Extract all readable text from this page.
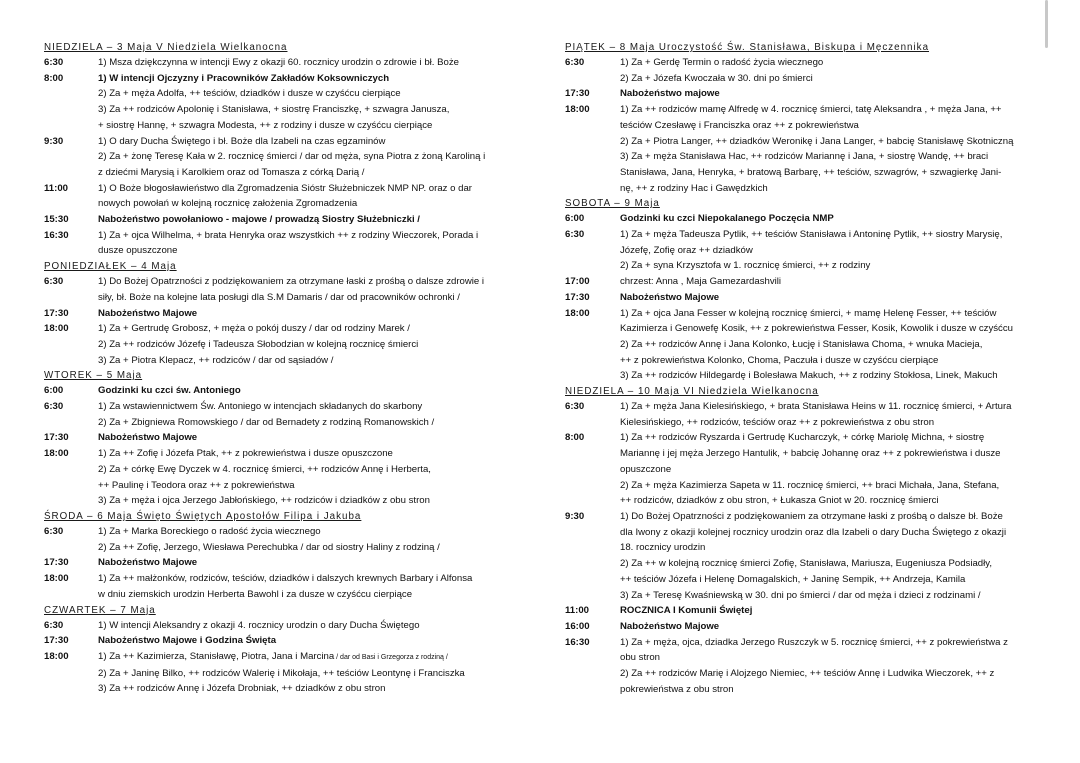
NIEDZIELA – 3 Maja V Niedziela Wielkanocna
6:30	1) Msza dziękczynna w intencji Ewy z okazji 60. rocznicy urodzin o zdrowie i bł. Boże
8:00	1) W intencji Ojczyzny i Pracowników Zakładów Koksowniczych
2) Za + męża Adolfa, ++ teściów, dziadków i dusze w czyśćcu cierpiące
3) Za ++ rodziców Apolonię i Stanisława, + siostrę Franciszkę, + szwagra Janusza,
+ siostrę Hannę, + szwagra Modesta, ++ z rodziny i dusze w czyśćcu cierpiące
9:30	1) O dary Ducha Świętego i bł. Boże dla Izabeli na czas egzaminów
2) Za + żonę Teresę Kała w 2. rocznicę śmierci / dar od męża, syna Piotra z żoną Karoliną i
z dziećmi Marysią i Karolkiem oraz od Tomasza z córką Darią /
11:00	1) O Boże błogosławieństwo dla Zgromadzenia Sióstr Służebniczek NMP NP. oraz o dar
nowych powołań w kolejną rocznicę założenia Zgromadzenia
15:30	Nabożeństwo powołaniowo - majowe / prowadzą Siostry Służebniczki /
16:30	1) Za + ojca Wilhelma, + brata Henryka oraz wszystkich ++ z rodziny Wieczorek, Porada i
dusze opuszczone
PONIEDZIAŁEK – 4 Maja
6:30	1) Do Bożej Opatrzności z podziękowaniem za otrzymane łaski z prośbą o dalsze zdrowie i
siły, bł. Boże na kolejne lata posługi dla S.M Damaris / dar od pracowników ochronki /
17:30	Nabożeństwo Majowe
18:00	1) Za + Gertrudę Grobosz, + męża o pokój duszy / dar od rodziny Marek /
2) Za ++ rodziców Józefę i Tadeusza Słobodzian w kolejną rocznicę śmierci
3) Za + Piotra Klepacz, ++ rodziców / dar od sąsiadów /
WTOREK – 5 Maja
6:00	Godzinki ku czci św. Antoniego
6:30	1) Za wstawiennictwem Św. Antoniego w intencjach składanych do skarbony
2) Za + Zbigniewa Romowskiego / dar od Bernadety z rodziną Romanowskich /
17:30	Nabożeństwo Majowe
18:00	1) Za ++ Zofię i Józefa Ptak, ++ z pokrewieństwa i dusze opuszczone
2) Za + córkę Ewę Dyczek w 4. rocznicę śmierci, ++ rodziców Annę i Herberta,
++ Paulinę i Teodora oraz ++ z pokrewieństwa
3) Za + męża i ojca Jerzego Jabłońskiego, ++ rodziców i dziadków z obu stron
ŚRODA – 6 Maja Święto Świętych Apostołów Filipa i Jakuba
6:30	1) Za + Marka Boreckiego o radość życia wiecznego
2) Za ++ Zofię, Jerzego, Wiesława Perechubka / dar od siostry Haliny z rodziną /
17:30	Nabożeństwo Majowe
18:00	1) Za ++ małżonków, rodziców, teściów, dziadków i dalszych krewnych Barbary i Alfonsa
w dniu ziemskich urodzin Herberta Bawohl i za dusze w czyśćcu cierpiące
CZWARTEK – 7 Maja
6:30	1) W intencji Aleksandry z okazji 4. rocznicy urodzin o dary Ducha Świętego
17:30	Nabożeństwo Majowe i Godzina Święta
18:00	1) Za ++ Kazimierza, Stanisławę, Piotra, Jana i Marcina / dar od Basi i Grzegorza z rodziną /
2) Za + Janinę Bilko, ++ rodziców Walerię i Mikołaja, ++ teściów Leontynę i Franciszka
3) Za ++ rodziców Annę i Józefa Drobniak, ++ dziadków z obu stron
PIĄTEK – 8 Maja Uroczystość Św. Stanisława, Biskupa i Męczennika
6:30	1) Za + Gerdę Termin o radość życia wiecznego
2) Za + Józefa Kwoczała w 30. dni po śmierci
17:30	Nabożeństwo majowe
18:00	1) Za ++ rodziców mamę Alfredę w 4. rocznicę śmierci, tatę Aleksandra , + męża Jana, ++
teściów Czesławę i Franciszka oraz ++ z pokrewieństwa
2) Za + Piotra Langer, ++ dziadków Weronikę i Jana Langer, + babcię Stanisławę Skotniczną
3) Za + męża Stanisława Hac, ++ rodziców Mariannę i Jana, + siostrę Wandę, ++ braci
Stanisława, Jana, Henryka, + bratową Barbarę, ++ teściów, szwagrów, + szwagierkę Jani-
nę, ++ z rodziny Hac i Gawędzkich
SOBOTA – 9 Maja
6:00	Godzinki ku czci Niepokalanego Poczęcia NMP
6:30	1) Za + męża Tadeusza Pytlik, ++ teściów Stanisława i Antoninę Pytlik, ++ siostry Marysię,
Józefę, Zofię oraz ++ dziadków
2) Za + syna Krzysztofa w 1. rocznicę śmierci, ++ z rodziny
17:00	chrzest: Anna , Maja Gamezardashvili
17:30	Nabożeństwo Majowe
18:00	1) Za + ojca Jana Fesser w kolejną rocznicę śmierci, + mamę Helenę Fesser, ++ teściów
Kazimierza i Genowefę Kosik, ++ z pokrewieństwa Fesser, Kosik, Kowolik i dusze w czyśćcu
2) Za ++ rodziców Annę i Jana Kolonko, Łucję i Stanisława Choma, + wnuka Macieja,
++ z pokrewieństwa Kolonko, Choma, Paczuła i dusze w czyśćcu cierpiące
3) Za ++ rodziców Hildegardę i Bolesława Makuch, ++ z rodziny Stokłosa, Linek, Makuch
NIEDZIELA – 10 Maja VI Niedziela Wielkanocna
6:30	1) Za + męża Jana Kielesińskiego, + brata Stanisława Heins w 11. rocznicę śmierci, + Artura
Kielesińskiego, ++ rodziców, teściów oraz ++ z pokrewieństwa z obu stron
8:00	1) Za ++ rodziców Ryszarda i Gertrudę Kucharczyk, + córkę Mariolę Michna, + siostrę
Mariannę i jej męża Jerzego Hantulik, + babcię Johannę oraz ++ z pokrewieństwa i dusze
opuszczone
2) Za + męża Kazimierza Sapeta w 11. rocznicę śmierci, ++ braci Michała, Jana, Stefana,
++ rodziców, dziadków z obu stron, + Łukasza Gniot w 20. rocznicę śmierci
9:30	1) Do Bożej Opatrzności z podziękowaniem za otrzymane łaski z prośbą o dalsze bł. Boże
dla Iwony z okazji kolejnej rocznicy urodzin oraz dla Izabeli o dary Ducha Świętego z okazji
18. rocznicy urodzin
2) Za ++ w kolejną rocznicę śmierci Zofię, Stanisława, Mariusza, Eugeniusza Podsiadły,
++ teściów Józefa i Helenę Domagalskich, + Janinę Sempik, ++ Andrzeja, Kamila
3) Za + Teresę Kwaśniewską w 30. dni po śmierci / dar od męża i dzieci z rodzinami /
11:00	ROCZNICA I Komunii Świętej
16:00	Nabożeństwo Majowe
16:30	1) Za + męża, ojca, dziadka Jerzego Ruszczyk w 5. rocznicę śmierci, ++ z pokrewieństwa z
obu stron
2) Za ++ rodziców Marię i Alojzego Niemiec, ++ teściów Annę i Ludwika Wieczorek, ++ z
pokrewieństwa z obu stron
